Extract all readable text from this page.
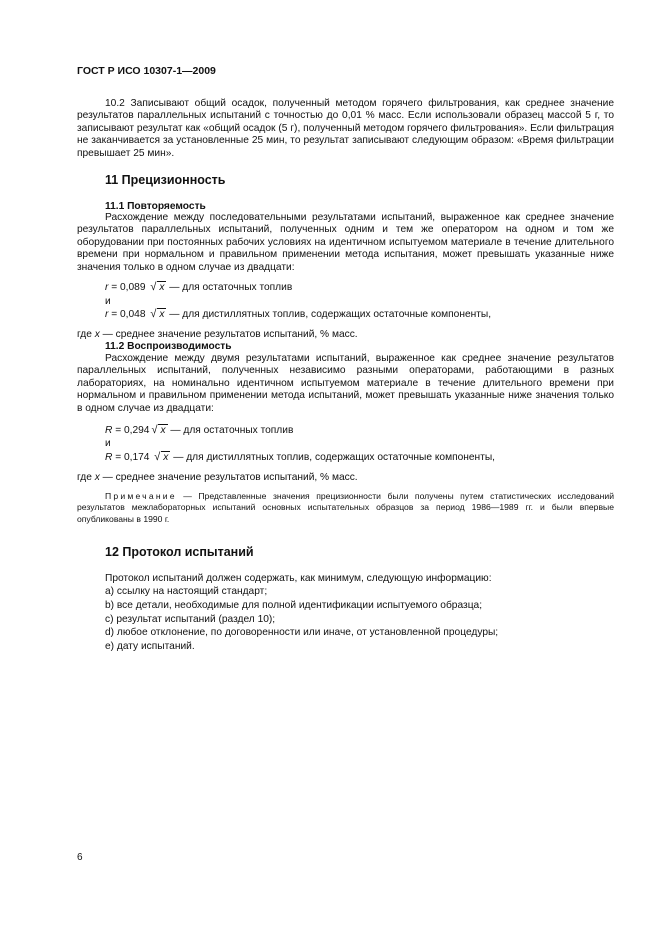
ГОСТ Р ИСО 10307-1—2009
10.2 Записывают общий осадок, полученный методом горячего фильтрования, как среднее значение результатов параллельных испытаний с точностью до 0,01 % масс. Если использовали образец массой 5 г, то записывают результат как «общий осадок (5 г), полученный методом горячего фильтрования». Если фильтрация не заканчивается за установленные 25 мин, то результат записывают следующим образом: «Время фильтрации превышает 25 мин».
11 Прецизионность
11.1 Повторяемость
Расхождение между последовательными результатами испытаний, выраженное как среднее значение результатов параллельных испытаний, полученных одним и тем же оператором на одном и том же оборудовании при постоянных рабочих условиях на идентичном испытуемом материале в течение длительного времени при нормальном и правильном применении метода испытания, может превышать указанные ниже значения только в одном случае из двадцати:
r = 0,089 √ x — для остаточных топлив
и
r = 0,048 √ x — для дистиллятных топлив, содержащих остаточные компоненты,
где x — среднее значение результатов испытаний, % масс.
11.2 Воспроизводимость
Расхождение между двумя результатами испытаний, выраженное как среднее значение результатов параллельных испытаний, полученных независимо разными операторами, работающими в разных лабораториях, на номинально идентичном испытуемом материале в течение длительного времени при нормальном и правильном применении метода испытаний, может превышать указанные ниже значения только в одном случае из двадцати:
R = 0,294 √ x — для остаточных топлив
и
R = 0,174 √ x — для дистиллятных топлив, содержащих остаточные компоненты,
где x — среднее значение результатов испытаний, % масс.
Примечание — Представленные значения прецизионности были получены путем статистических исследований результатов межлабораторных испытаний основных испытательных образцов за период 1986—1989 гг. и были впервые опубликованы в 1990 г.
12 Протокол испытаний
Протокол испытаний должен содержать, как минимум, следующую информацию:
a) ссылку на настоящий стандарт;
b) все детали, необходимые для полной идентификации испытуемого образца;
c) результат испытаний (раздел 10);
d) любое отклонение, по договоренности или иначе, от установленной процедуры;
e) дату испытаний.
6
